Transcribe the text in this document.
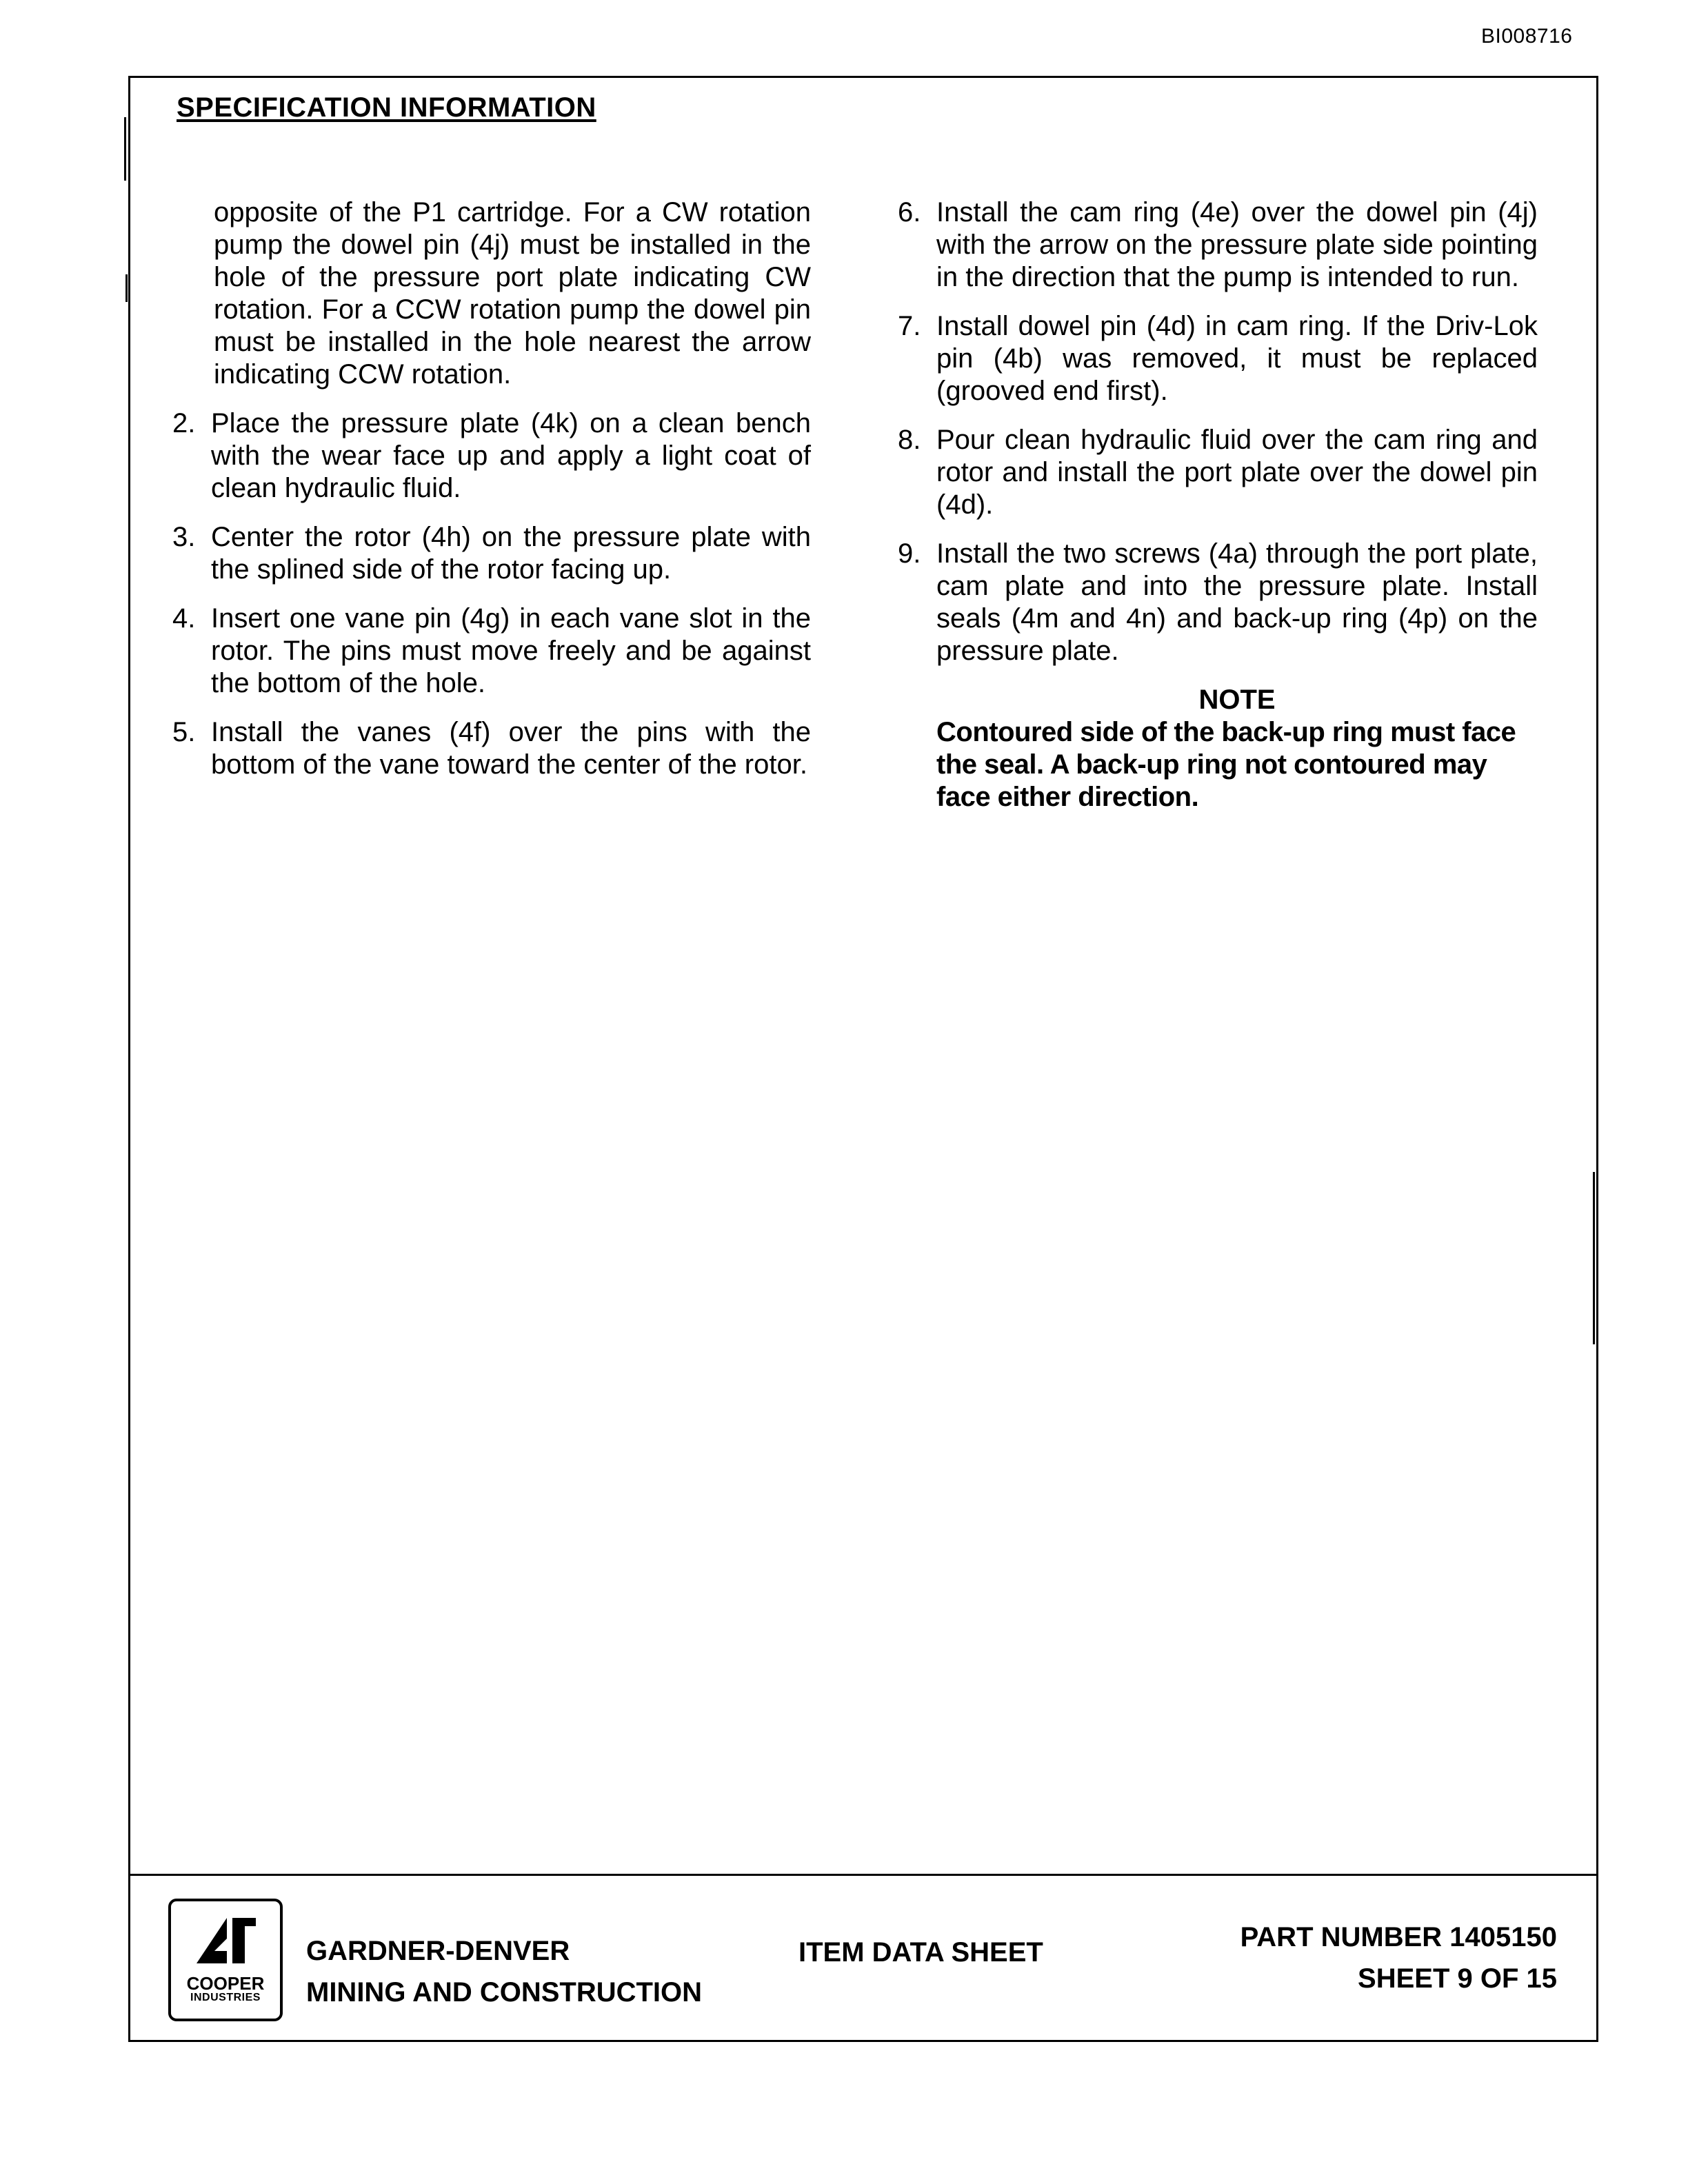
BI008716
SPECIFICATION INFORMATION

opposite of the P1 cartridge. For a CW rotation pump the dowel pin (4j) must be installed in the hole of the pressure port plate indicating CW rotation. For a CCW rotation pump the dowel pin must be installed in the hole nearest the arrow indicating CCW rotation.

2. Place the pressure plate (4k) on a clean bench with the wear face up and apply a light coat of clean hydraulic fluid.
3. Center the rotor (4h) on the pressure plate with the splined side of the rotor facing up.
4. Insert one vane pin (4g) in each vane slot in the rotor. The pins must move freely and be against the bottom of the hole.
5. Install the vanes (4f) over the pins with the bottom of the vane toward the center of the rotor.
6. Install the cam ring (4e) over the dowel pin (4j) with the arrow on the pressure plate side pointing in the direction that the pump is intended to run.
7. Install dowel pin (4d) in cam ring. If the Driv-Lok pin (4b) was removed, it must be replaced (grooved end first).
8. Pour clean hydraulic fluid over the cam ring and rotor and install the port plate over the dowel pin (4d).
9. Install the two screws (4a) through the port plate, cam plate and into the pressure plate. Install seals (4m and 4n) and back-up ring (4p) on the pressure plate.
NOTE
Contoured side of the back-up ring must face the seal. A back-up ring not contoured may face either direction.
COOPER
INDUSTRIES
GARDNER-DENVER
MINING AND CONSTRUCTION
ITEM DATA SHEET	PART NUMBER 1405150
SHEET 9 OF 15
